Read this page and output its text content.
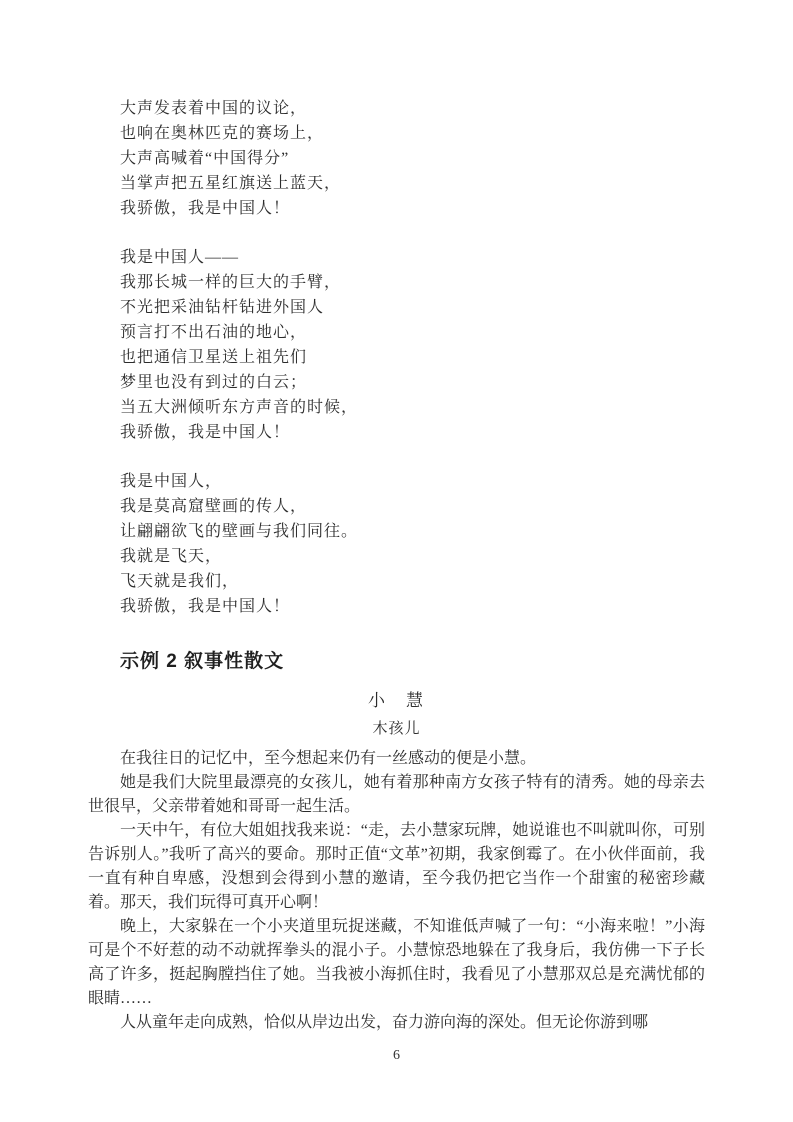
大声发表着中国的议论，
也响在奥林匹克的赛场上，
大声高喊着“中国得分”
当掌声把五星红旗送上蓝天，
我骄傲，我是中国人！
我是中国人——
我那长城一样的巨大的手臂，
不光把采油钻杆钻进外国人
预言打不出石油的地心，
也把通信卫星送上祖先们
梦里也没有到过的白云；
当五大洲倾听东方声音的时候，
我骄傲，我是中国人！
我是中国人，
我是莫高窟壁画的传人，
让翩翩欲飞的壁画与我们同往。
我就是飞天，
飞天就是我们，
我骄傲，我是中国人！
示例 2 叙事性散文
小　慧
木孩儿

在我往日的记忆中，至今想起来仍有一丝感动的便是小慧。

她是我们大院里最漂亮的女孩儿，她有着那种南方女孩子特有的清秀。她的母亲去世很早，父亲带着她和哥哥一起生活。

一天中午，有位大姐姐找我来说：“走，去小慧家玩牌，她说谁也不叫就叫你，可别告诉别人。”我听了高兴的要命。那时正值“文革”初期，我家倒霉了。在小伙伴面前，我一直有种自卑感，没想到会得到小慧的邀请，至今我仍把它当作一个甜蜜的秘密珍藏着。那天，我们玩得可真开心啊！

晚上，大家躲在一个小夹道里玩捉迷藏，不知谁低声喊了一句：“小海来啦！”小海可是个不好惹的动不动就挥拳头的混小子。小慧惊恐地躲在了我身后，我仿佛一下子长高了许多，挺起胸膛挡住了她。当我被小海抓住时，我看见了小慧那双总是充满忧郁的眼睛……

人从童年走向成熟，恰似从岸边出发，奋力游向海的深处。但无论你游到哪

6
